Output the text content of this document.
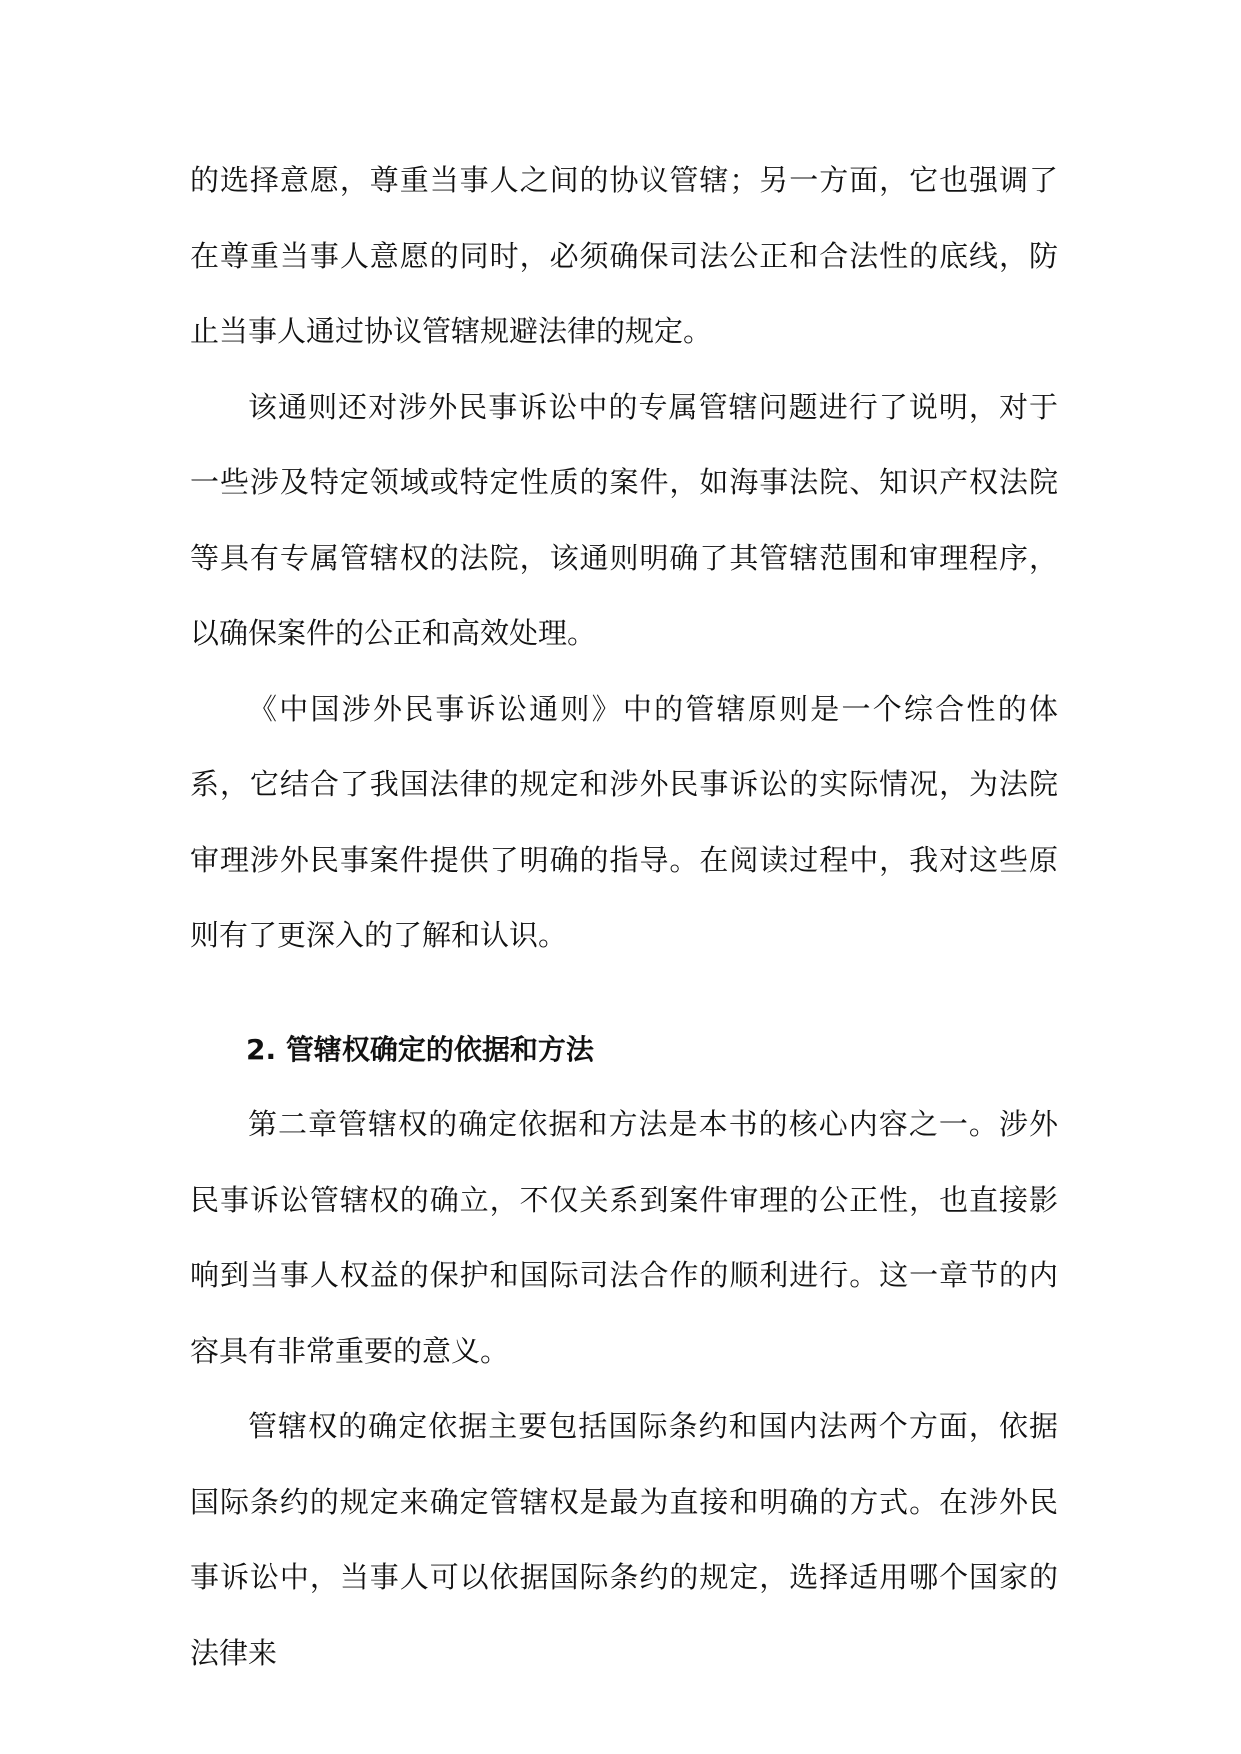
的选择意愿，尊重当事人之间的协议管辖；另一方面，它也强调了在尊重当事人意愿的同时，必须确保司法公正和合法性的底线，防止当事人通过协议管辖规避法律的规定。

该通则还对涉外民事诉讼中的专属管辖问题进行了说明，对于一些涉及特定领域或特定性质的案件，如海事法院、知识产权法院等具有专属管辖权的法院，该通则明确了其管辖范围和审理程序，以确保案件的公正和高效处理。

《中国涉外民事诉讼通则》中的管辖原则是一个综合性的体系，它结合了我国法律的规定和涉外民事诉讼的实际情况，为法院审理涉外民事案件提供了明确的指导。在阅读过程中，我对这些原则有了更深入的了解和认识。

2. 管辖权确定的依据和方法

第二章管辖权的确定依据和方法是本书的核心内容之一。涉外民事诉讼管辖权的确立，不仅关系到案件审理的公正性，也直接影响到当事人权益的保护和国际司法合作的顺利进行。这一章节的内容具有非常重要的意义。

管辖权的确定依据主要包括国际条约和国内法两个方面，依据国际条约的规定来确定管辖权是最为直接和明确的方式。在涉外民事诉讼中，当事人可以依据国际条约的规定，选择适用哪个国家的法律来
